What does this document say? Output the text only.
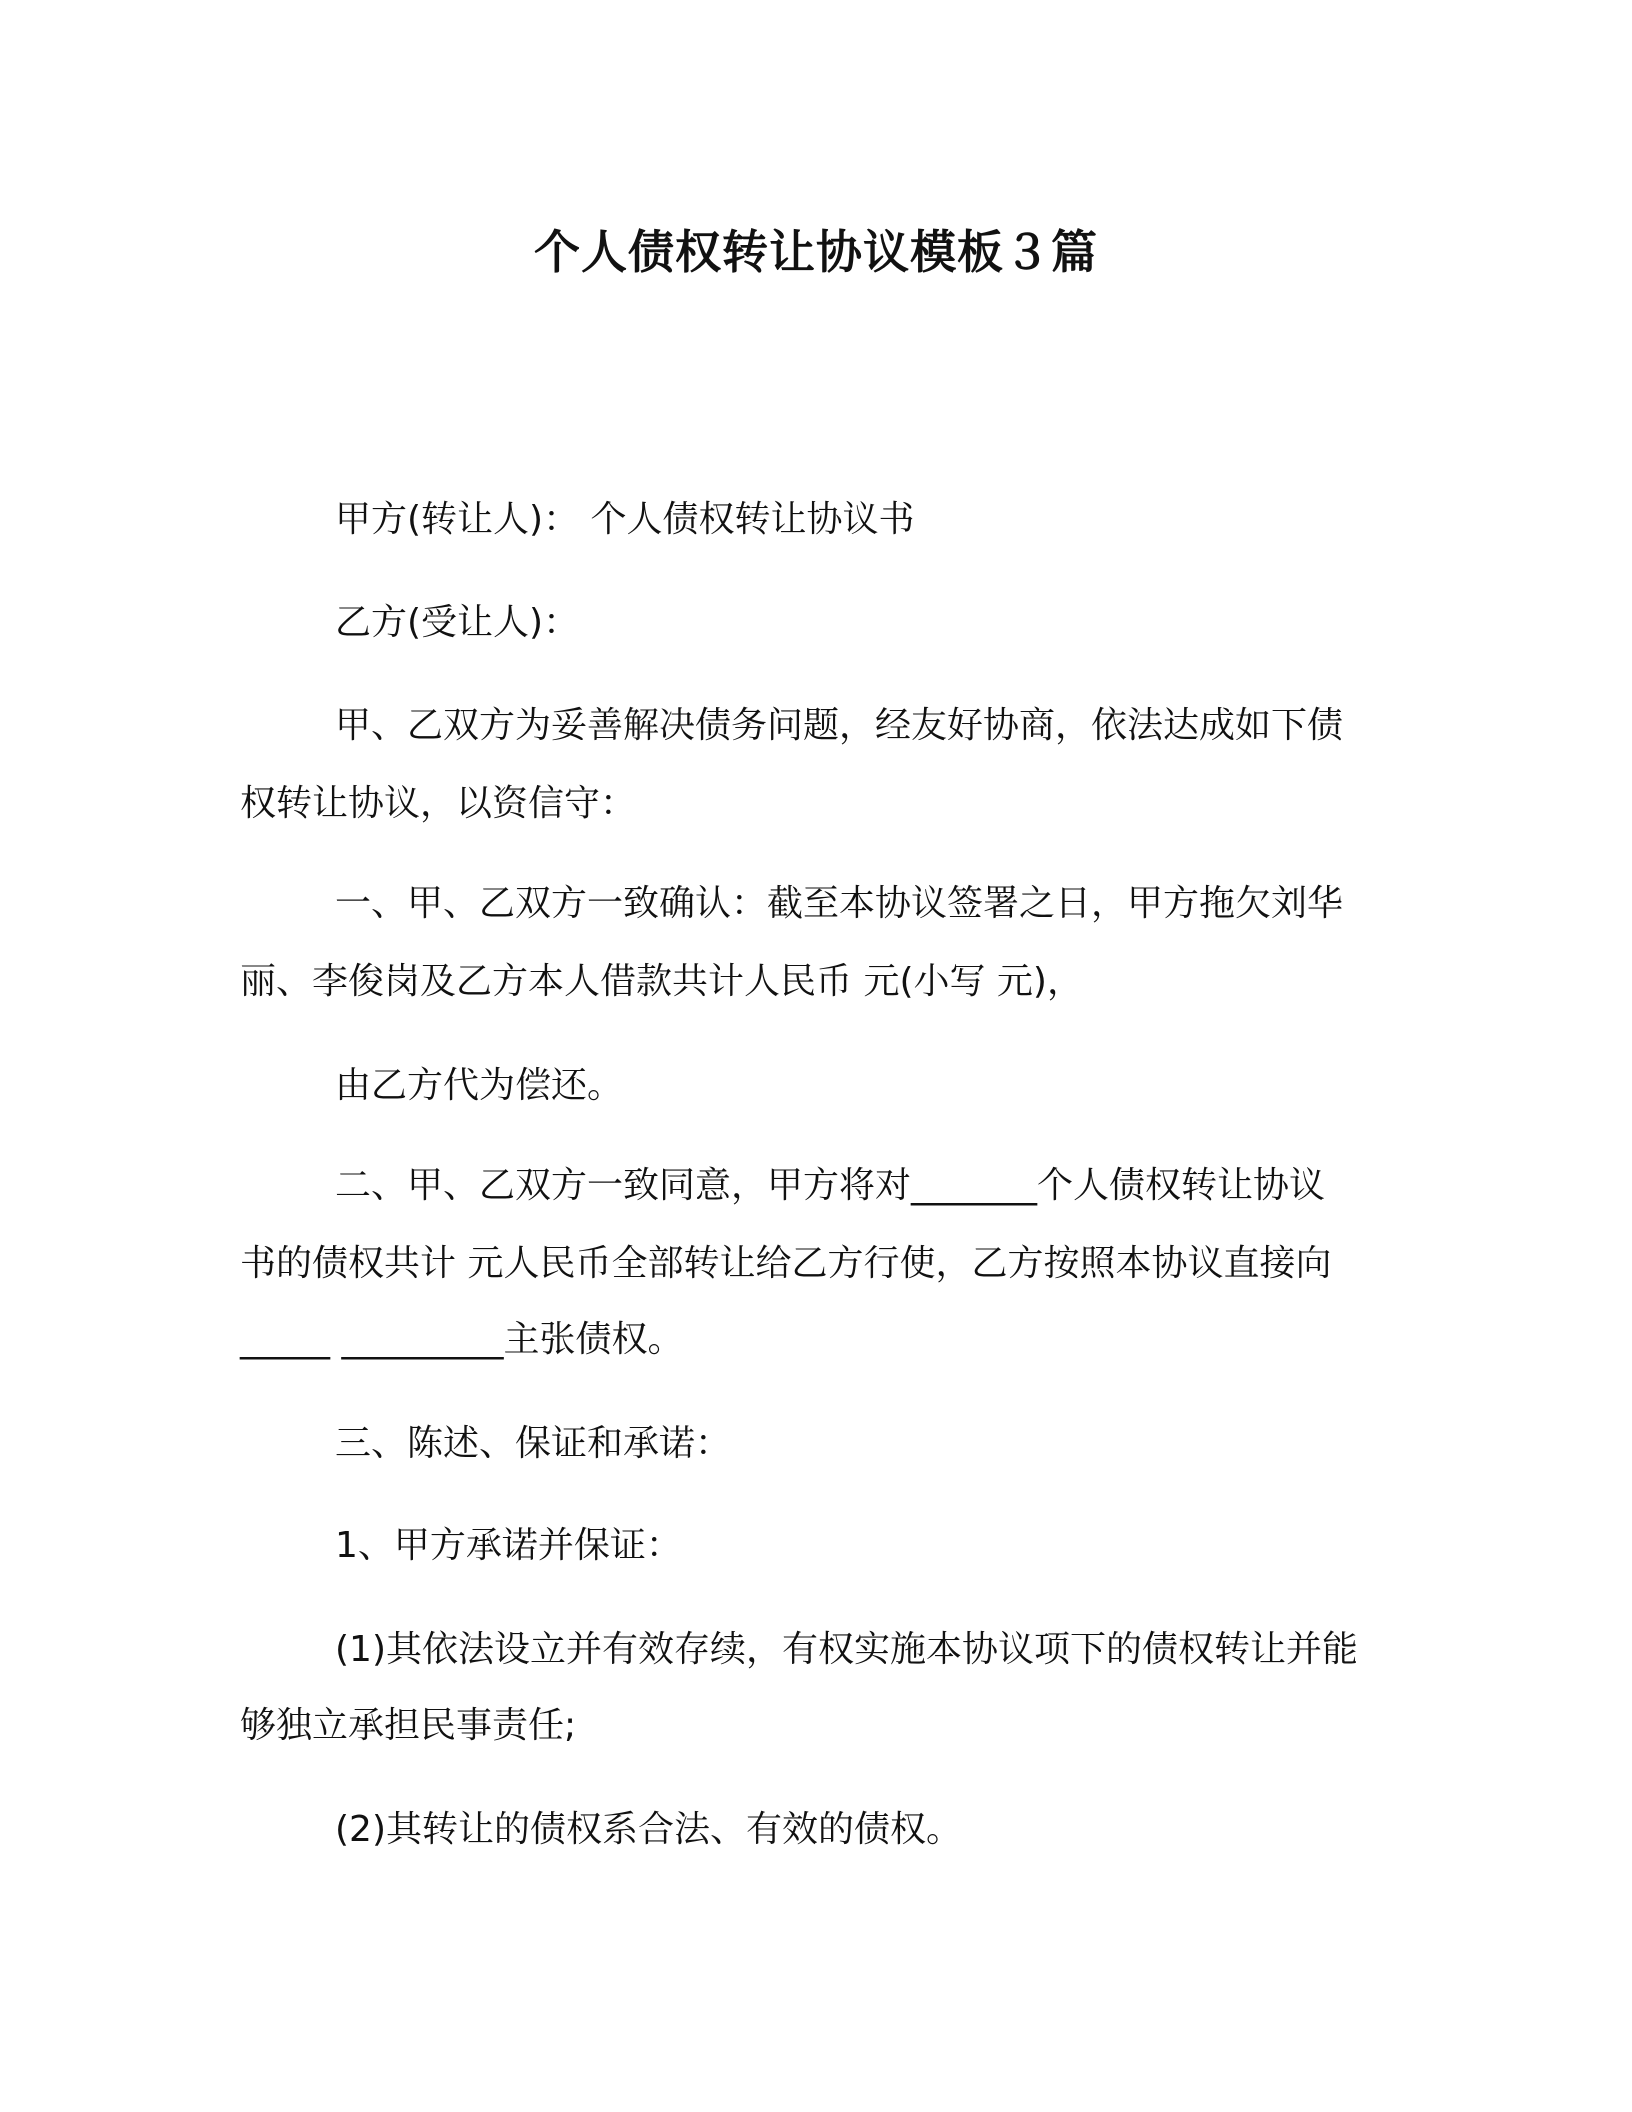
个人债权转让协议模板３篇
甲方(转让人)： 个人债权转让协议书
乙方(受让人)：
甲、乙双方为妥善解决债务问题，经友好协商，依法达成如下债
权转让协议，以资信守：
一、甲、乙双方一致确认：截至本协议签署之日，甲方拖欠刘华
丽、李俊岗及乙方本人借款共计人民币 元(小写 元)，
由乙方代为偿还。
二、甲、乙双方一致同意，甲方将对_______个人债权转让协议
书的债权共计 元人民币全部转让给乙方行使，乙方按照本协议直接向
_____ _________主张债权。
三、陈述、保证和承诺：
1、甲方承诺并保证：
(1)其依法设立并有效存续，有权实施本协议项下的债权转让并能
够独立承担民事责任;
(2)其转让的债权系合法、有效的债权。
